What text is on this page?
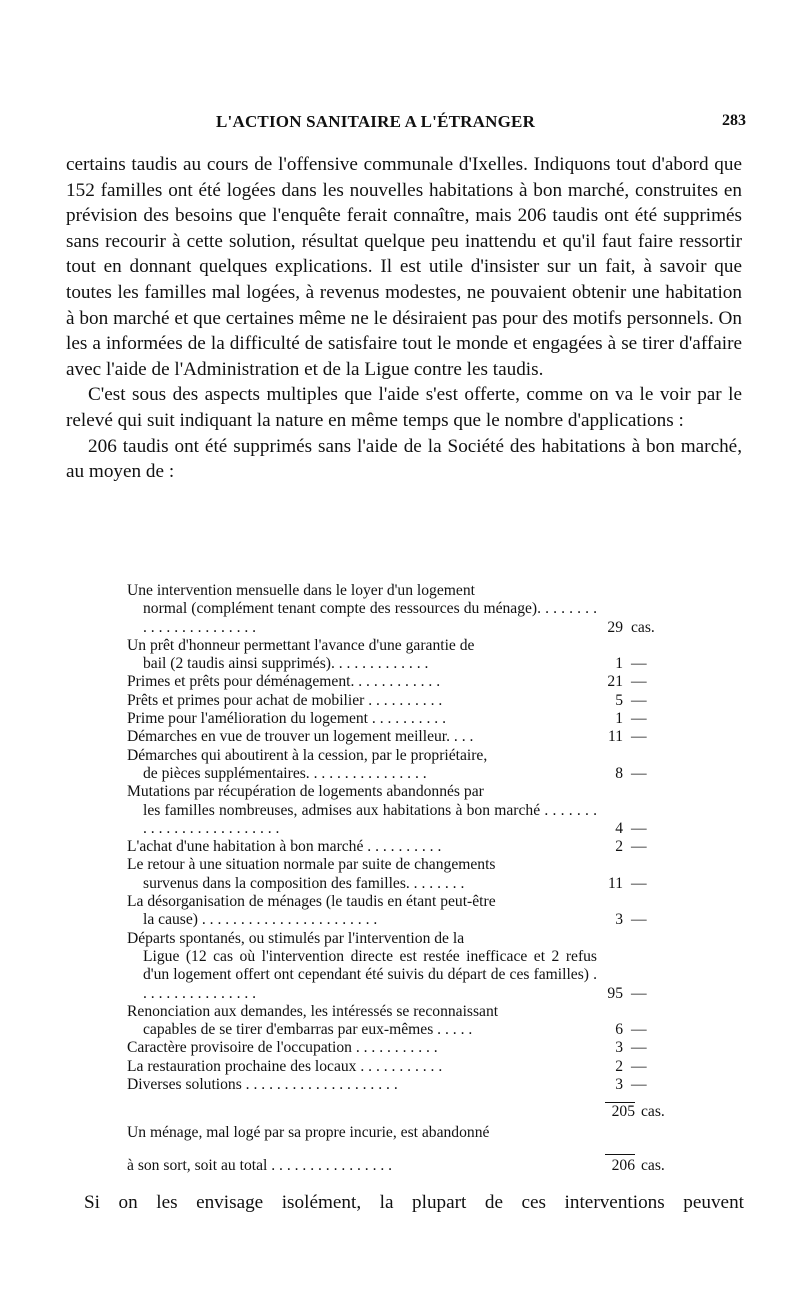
L'ACTION SANITAIRE A L'ÉTRANGER	283

certains taudis au cours de l'offensive communale d'Ixelles. Indiquons tout d'abord que 152 familles ont été logées dans les nouvelles habitations à bon marché, construites en prévision des besoins que l'enquête ferait connaître, mais 206 taudis ont été supprimés sans recourir à cette solution, résultat quelque peu inattendu et qu'il faut faire ressortir tout en donnant quelques explications. Il est utile d'insister sur un fait, à savoir que toutes les familles mal logées, à revenus modestes, ne pouvaient obtenir une habitation à bon marché et que certaines même ne le désiraient pas pour des motifs personnels. On les a informées de la difficulté de satisfaire tout le monde et engagées à se tirer d'affaire avec l'aide de l'Administration et de la Ligue contre les taudis.

C'est sous des aspects multiples que l'aide s'est offerte, comme on va le voir par le relevé qui suit indiquant la nature en même temps que le nombre d'applications :

206 taudis ont été supprimés sans l'aide de la Société des habitations à bon marché, au moyen de :

Une intervention mensuelle dans le loyer d'un logement
normal (complément tenant compte des ressources du ménage). . . . . . . . . . . . . . . . . . . . . . .	29 cas.
Un prêt d'honneur permettant l'avance d'une garantie de
bail (2 taudis ainsi supprimés). . . . . . . . . . . . .	1 —
Primes et prêts pour déménagement. . . . . . . . . . . .	21 —
Prêts et primes pour achat de mobilier . . . . . . . . . .	5 —
Prime pour l'amélioration du logement . . . . . . . . . .	1 —
Démarches en vue de trouver un logement meilleur. . . .	11 —
Démarches qui aboutirent à la cession, par le propriétaire,
de pièces supplémentaires. . . . . . . . . . . . . . . .	8 —
Mutations par récupération de logements abandonnés par
les familles nombreuses, admises aux habitations à bon marché . . . . . . . . . . . . . . . . . . . . . . . . .	4 —
L'achat d'une habitation à bon marché . . . . . . . . . .	2 —
Le retour à une situation normale par suite de changements
survenus dans la composition des familles. . . . . . . .	11 —
La désorganisation de ménages (le taudis en étant peut-être
la cause) . . . . . . . . . . . . . . . . . . . . . . .	3 —
Départs spontanés, ou stimulés par l'intervention de la
Ligue (12 cas où l'intervention directe est restée inefficace et 2 refus d'un logement offert ont cependant été suivis du départ de ces familles) . . . . . . . . . . . . . . . .	95 —
Renonciation aux demandes, les intéressés se reconnaissant
capables de se tirer d'embarras par eux-mêmes . . . . .	6 —
Caractère provisoire de l'occupation . . . . . . . . . . .	3 —
La restauration prochaine des locaux . . . . . . . . . . .	2 —
Diverses solutions . . . . . . . . . . . . . . . . . . . .	3 —
205 cas.
Un ménage, mal logé par sa propre incurie, est abandonné
à son sort, soit au total . . . . . . . . . . . . . . . .	206 cas.
Si on les envisage isolément, la plupart de ces interventions peuvent
